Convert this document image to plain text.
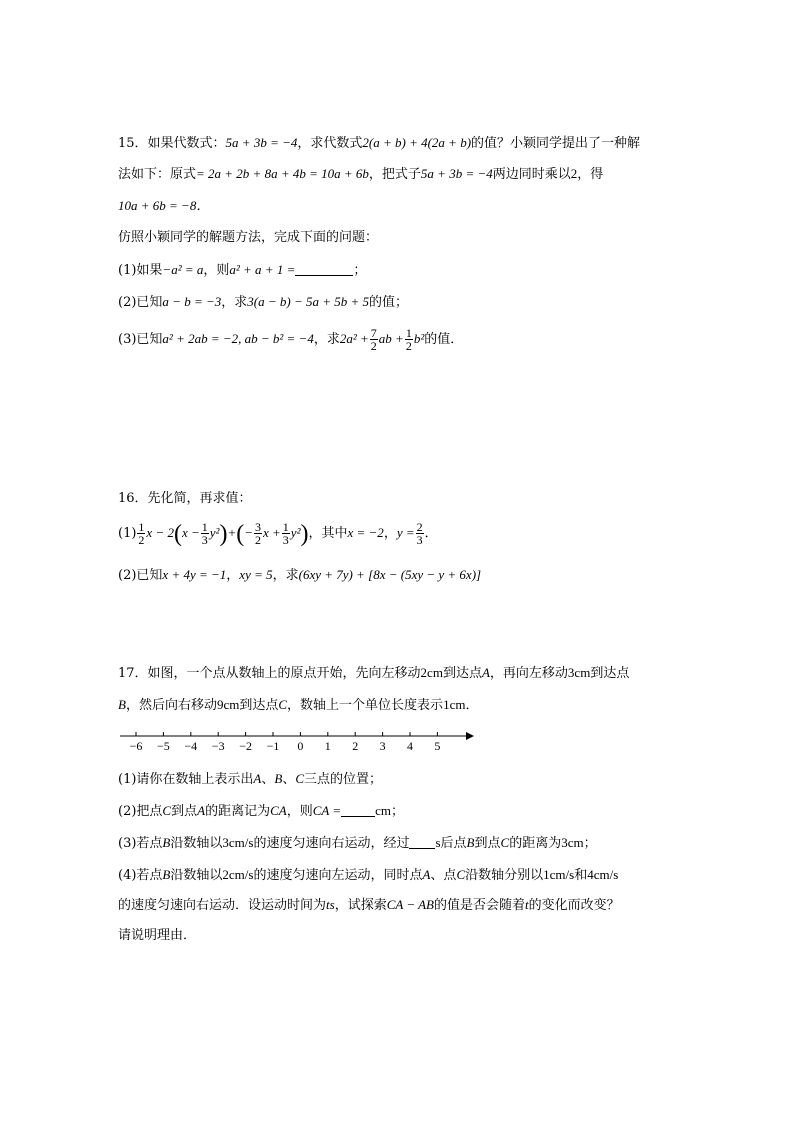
15．如果代数式：5a + 3b = −4，求代数式2(a + b) + 4(2a + b)的值？小颖同学提出了一种解
法如下：原式= 2a + 2b + 8a + 4b = 10a + 6b，把式子5a + 3b = −4两边同时乘以2，得
10a + 6b = −8．
仿照小颖同学的解题方法，完成下面的问题：
(1)如果−a² = a，则a² + a + 1 =	；
(2)已知a − b = −3，求3(a − b) − 5a + 5b + 5的值；
(3)已知a² + 2ab = −2, ab − b² = −4，求$2a^2 + \frac{7}{2}$ ab + $\frac{1}{2} b^2$的值．
16．先化简，再求值：
$(1) \frac{1}{2}$ $x - 2(x - \frac{1}{3} y^2)+(- \frac{3}{2}$ $x + \frac{1}{3} y^2$)，其中x = −2，$y = \frac{2}{3}$ ．
(2)已知x + 4y = −1，xy = 5，求(6xy + 7y) + [8x − (5xy − y + 6x)]
17．如图，一个点从数轴上的原点开始，先向左移动2cm到达点A，再向左移动3cm到达点
B，然后向右移动9cm到达点C，数轴上一个单位长度表示1cm．
−6 −5 −4 −3 −2 −1 0 1 2 3 4 5
(1)请你在数轴上表示出A、B、C三点的位置；
(2)把点C到点A的距离记为CA，则CA =	cm；
(3)若点B沿数轴以3cm/s的速度匀速向右运动，经过 s后点B到点C的距离为3cm；
(4)若点B沿数轴以2cm/s的速度匀速向左运动，同时点A、点C沿数轴分别以1cm/s和4cm/s
的速度匀速向右运动．设运动时间为ts，试探索CA − AB的值是否会随着t的变化而改变？
请说明理由．
